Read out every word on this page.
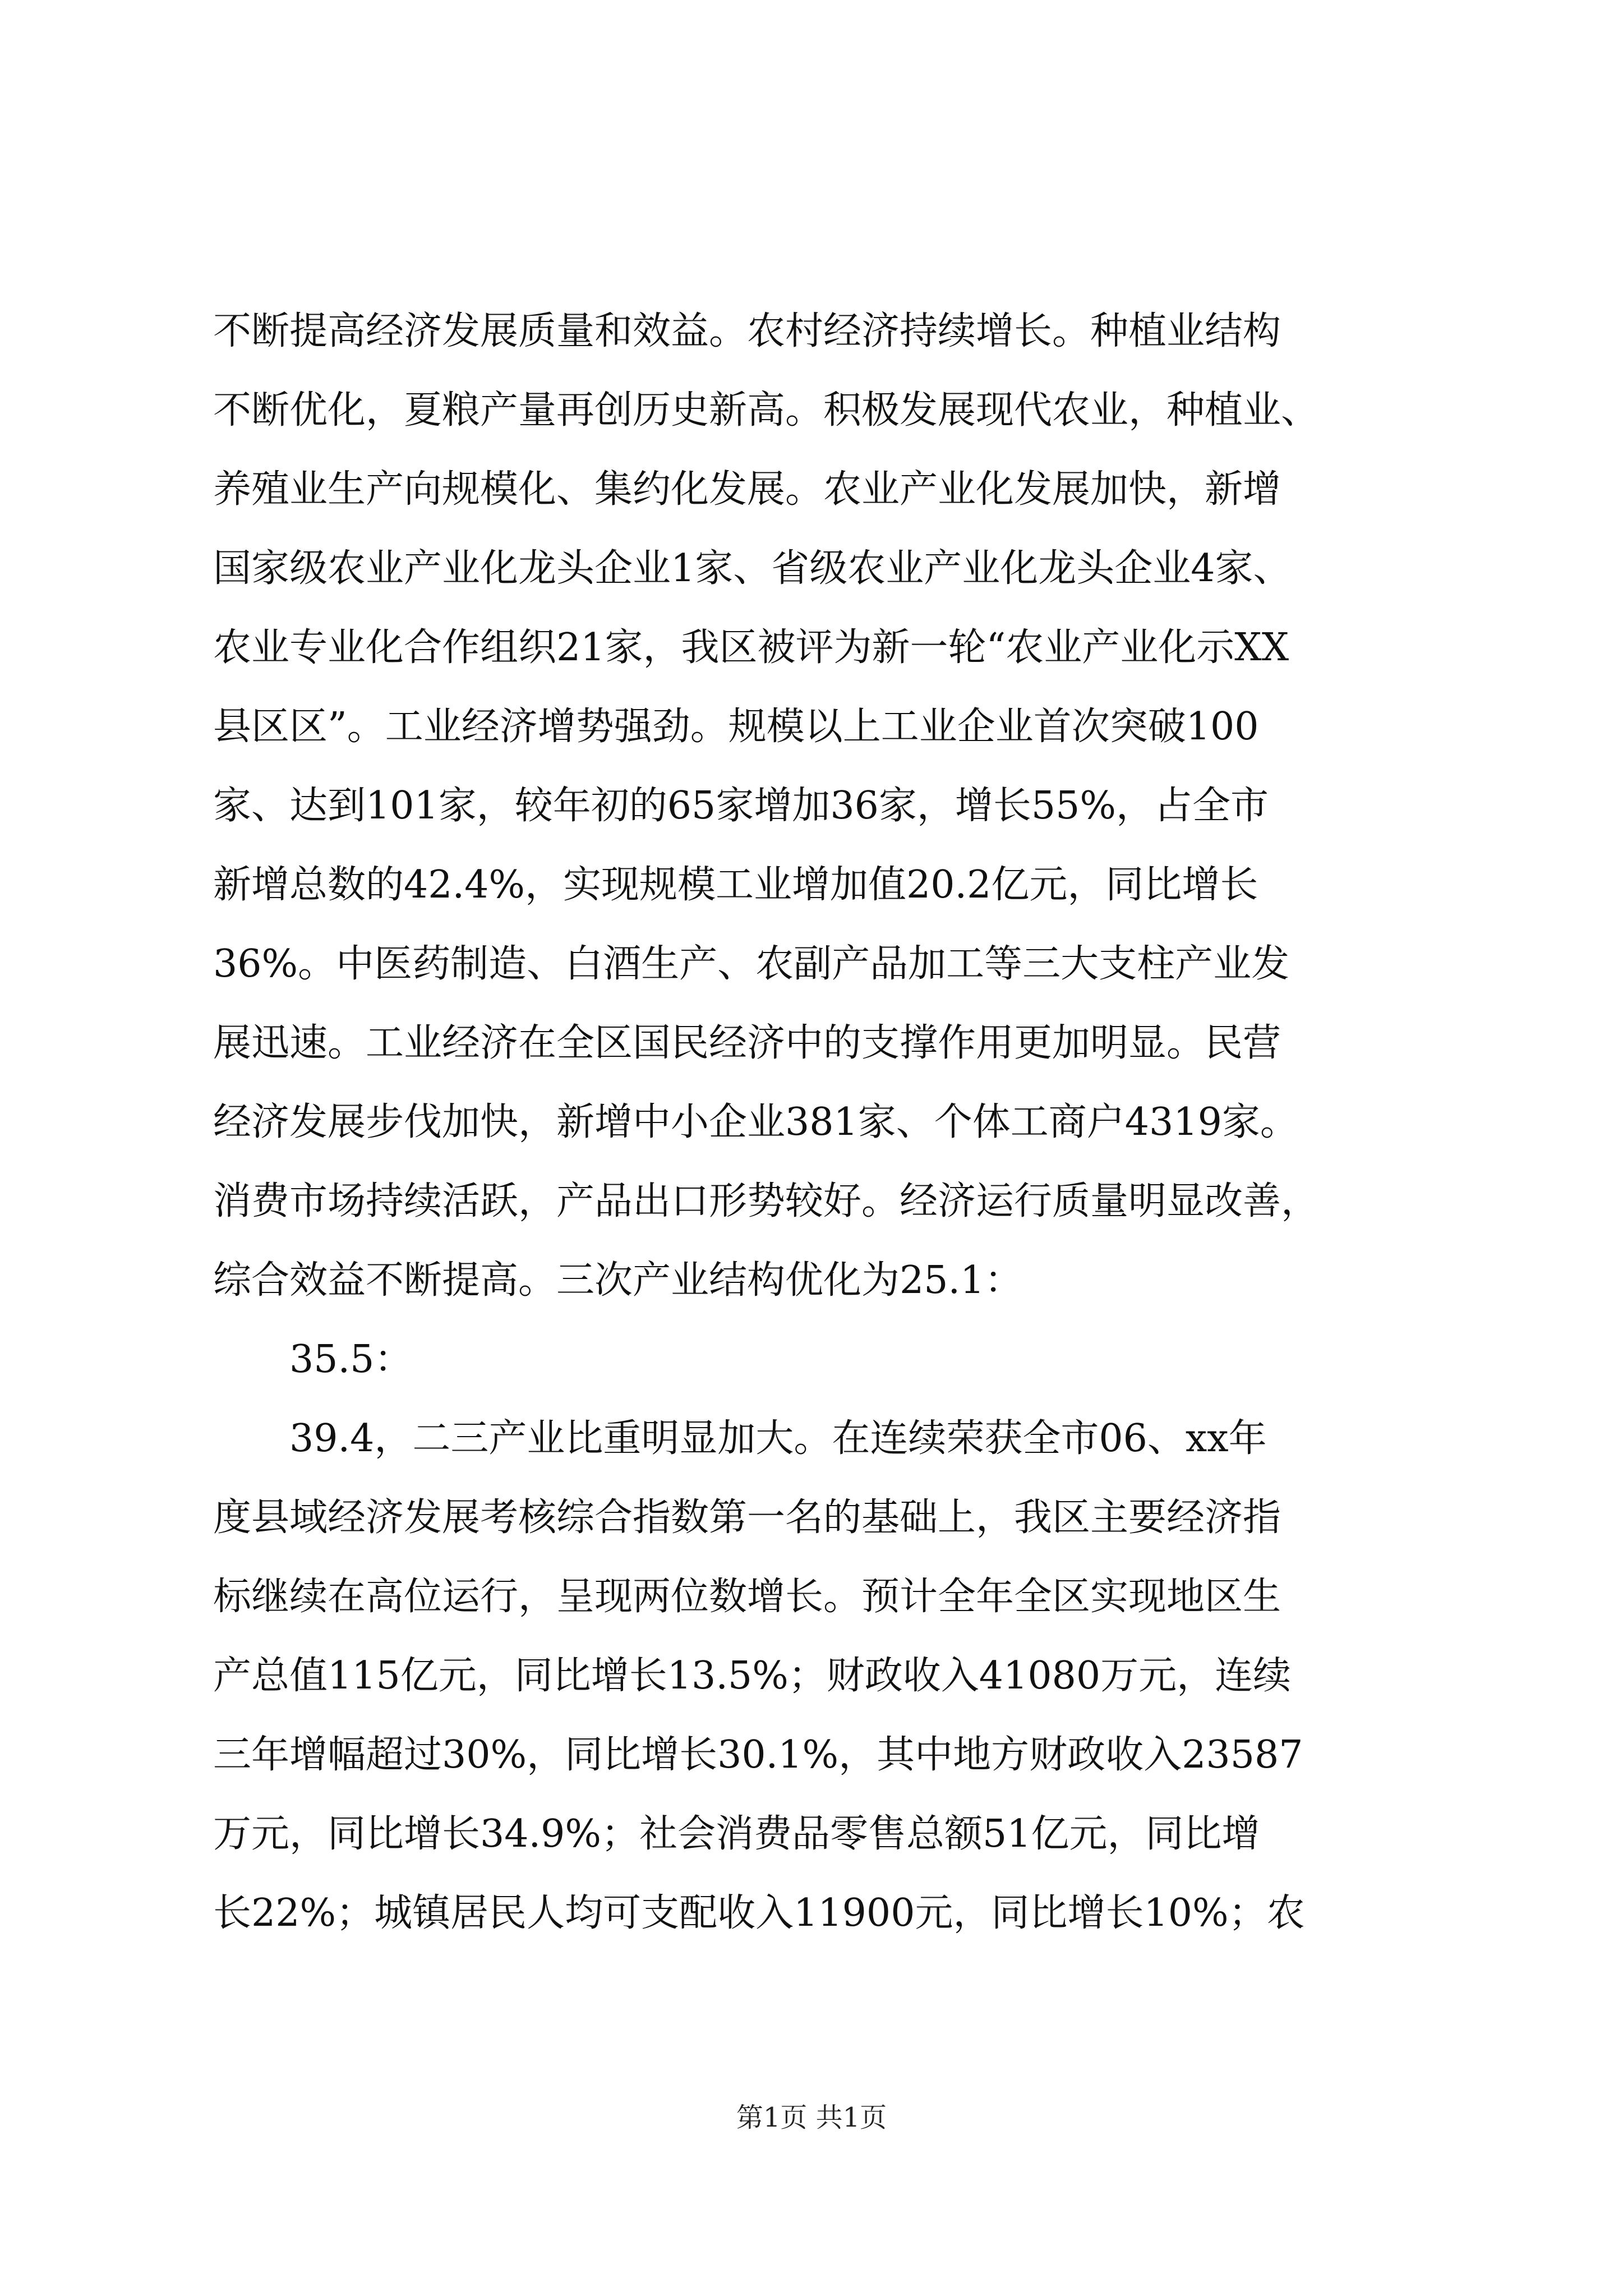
不断提高经济发展质量和效益。农村经济持续增长。种植业结构
不断优化，夏粮产量再创历史新高。积极发展现代农业，种植业、
养殖业生产向规模化、集约化发展。农业产业化发展加快，新增
国家级农业产业化龙头企业1家、省级农业产业化龙头企业4家、
农业专业化合作组织21家，我区被评为新一轮“农业产业化示XX
县区区”。工业经济增势强劲。规模以上工业企业首次突破100
家、达到101家，较年初的65家增加36家，增长55%，占全市
新增总数的42.4%，实现规模工业增加值20.2亿元，同比增长
36%。中医药制造、白酒生产、农副产品加工等三大支柱产业发
展迅速。工业经济在全区国民经济中的支撑作用更加明显。民营
经济发展步伐加快，新增中小企业381家、个体工商户4319家。
消费市场持续活跃，产品出口形势较好。经济运行质量明显改善，
综合效益不断提高。三次产业结构优化为25.1：
35.5：
39.4，二三产业比重明显加大。在连续荣获全市06、xx年
度县域经济发展考核综合指数第一名的基础上，我区主要经济指
标继续在高位运行，呈现两位数增长。预计全年全区实现地区生
产总值115亿元，同比增长13.5%；财政收入41080万元，连续
三年增幅超过30%，同比增长30.1%，其中地方财政收入23587
万元，同比增长34.9%；社会消费品零售总额51亿元，同比增
长22%；城镇居民人均可支配收入11900元，同比增长10%；农
第1页 共1页
